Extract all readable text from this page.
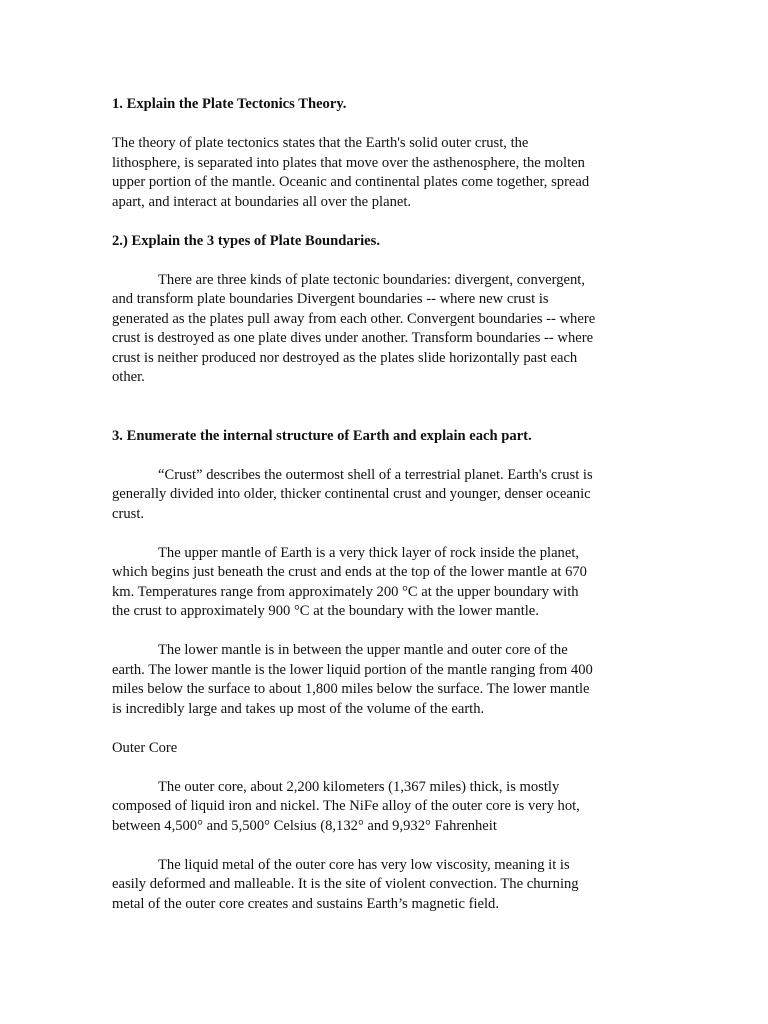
1. Explain the Plate Tectonics Theory.

The theory of plate tectonics states that the Earth's solid outer crust, the
lithosphere, is separated into plates that move over the asthenosphere, the molten
upper portion of the mantle. Oceanic and continental plates come together, spread
apart, and interact at boundaries all over the planet.

2.) Explain the 3 types of Plate Boundaries.

There are three kinds of plate tectonic boundaries: divergent, convergent,
and transform plate boundaries Divergent boundaries -- where new crust is
generated as the plates pull away from each other. Convergent boundaries -- where
crust is destroyed as one plate dives under another. Transform boundaries -- where
crust is neither produced nor destroyed as the plates slide horizontally past each
other.

3. Enumerate the internal structure of Earth and explain each part.

“Crust” describes the outermost shell of a terrestrial planet. Earth's crust is
generally divided into older, thicker continental crust and younger, denser oceanic
crust.

The upper mantle of Earth is a very thick layer of rock inside the planet,
which begins just beneath the crust and ends at the top of the lower mantle at 670
km. Temperatures range from approximately 200 °C at the upper boundary with
the crust to approximately 900 °C at the boundary with the lower mantle.

The lower mantle is in between the upper mantle and outer core of the
earth. The lower mantle is the lower liquid portion of the mantle ranging from 400
miles below the surface to about 1,800 miles below the surface. The lower mantle
is incredibly large and takes up most of the volume of the earth.

Outer Core

The outer core, about 2,200 kilometers (1,367 miles) thick, is mostly
composed of liquid iron and nickel. The NiFe alloy of the outer core is very hot,
between 4,500° and 5,500° Celsius (8,132° and 9,932° Fahrenheit

The liquid metal of the outer core has very low viscosity, meaning it is
easily deformed and malleable. It is the site of violent convection. The churning
metal of the outer core creates and sustains Earth’s magnetic field.
